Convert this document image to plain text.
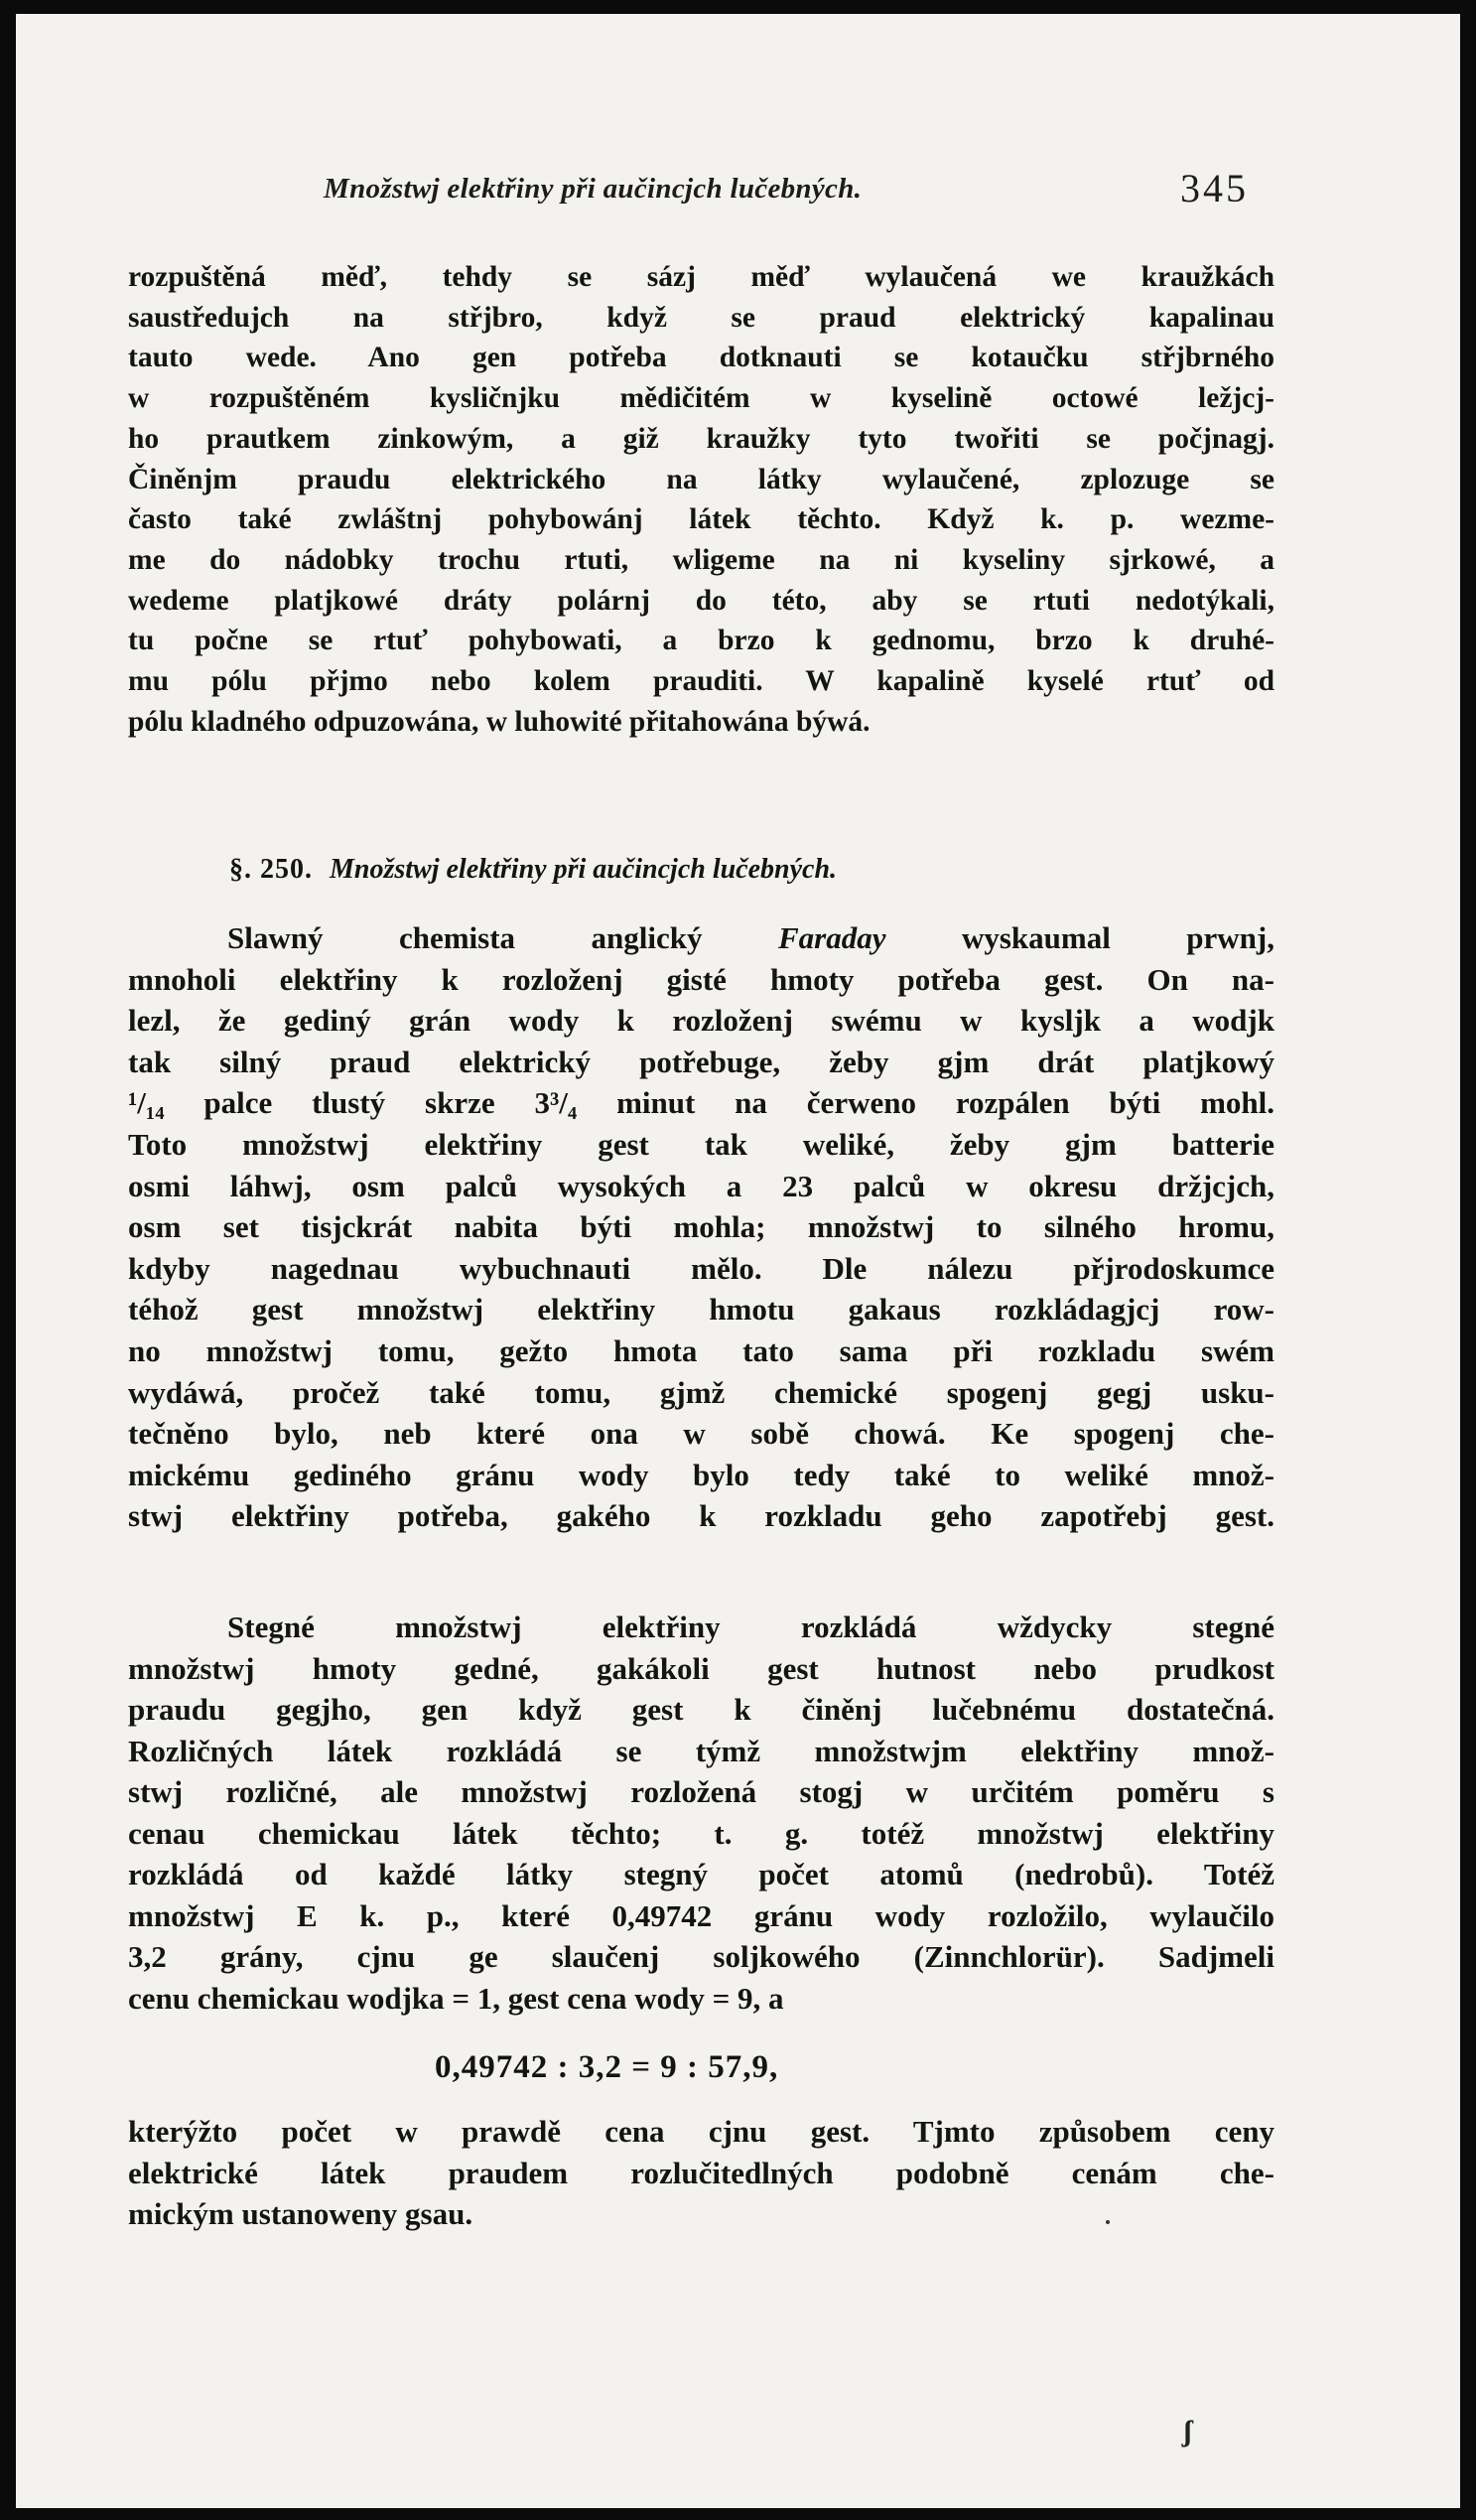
Množstwj elektřiny při aučincjch lučebných.	345
rozpuštěná měď, tehdy se sázj měď wylaučená we kraužkách
saustředujch na střjbro, když se praud elektrický kapalinau
tauto wede. Ano gen potřeba dotknauti se kotaučku střjbrného
w rozpuštěném kysličnjku mědičitém w kyselině octowé ležjcj-
ho prautkem zinkowým, a giž kraužky tyto twořiti se počjnagj.
Činěnjm praudu elektrického na látky wylaučené, zplozuge se
často také zwláštnj pohybowánj látek těchto. Když k. p. wezme-
me do nádobky trochu rtuti, wligeme na ni kyseliny sjrkowé, a
wedeme platjkowé dráty polárnj do této, aby se rtuti nedotýkali,
tu počne se rtuť pohybowati, a brzo k gednomu, brzo k druhé-
mu pólu přjmo nebo kolem prauditi. W kapalině kyselé rtuť od
pólu kladného odpuzowána, w luhowité přitahowána býwá.
§. 250. Množstwj elektřiny při aučincjch lučebných.
Slawný chemista anglický Faraday wyskaumal prwnj,
mnoholi elektřiny k rozloženj gisté hmoty potřeba gest. On na-
lezl, že gediný grán wody k rozloženj swému w kysljk a wodjk
tak silný praud elektrický potřebuge, žeby gjm drát platjkowý
¹/₁₄ palce tlustý skrze 3³/₄ minut na čerweno rozpálen býti mohl.
Toto množstwj elektřiny gest tak weliké, žeby gjm batterie
osmi láhwj, osm palců wysokých a 23 palců w okresu držjcjch,
osm set tisjckrát nabita býti mohla; množstwj to silného hromu,
kdyby nagednau wybuchnauti mělo. Dle nálezu přjrodoskumce
téhož gest množstwj elektřiny hmotu gakaus rozkládagjcj row-
no množstwj tomu, gežto hmota tato sama při rozkladu swém
wydáwá, pročež také tomu, gjmž chemické spogenj gegj usku-
tečněno bylo, neb které ona w sobě chowá. Ke spogenj che-
mickému gediného gránu wody bylo tedy také to weliké množ-
stwj elektřiny potřeba, gakého k rozkladu geho zapotřebj gest.
Stegné množstwj elektřiny rozkládá wždycky stegné
množstwj hmoty gedné, gakákoli gest hutnost nebo prudkost
praudu gegjho, gen když gest k činěnj lučebnému dostatečná.
Rozličných látek rozkládá se týmž množstwjm elektřiny množ-
stwj rozličné, ale množstwj rozložená stogj w určitém poměru s
cenau chemickau látek těchto; t. g. totéž množstwj elektřiny
rozkládá od každé látky stegný počet atomů (nedrobů). Totéž
množstwj E k. p., které 0,49742 gránu wody rozložilo, wylaučilo
3,2 grány, cjnu ge slaučenj soljkowého (Zinnchlorür). Sadjmeli
cenu chemickau wodjka = 1, gest cena wody = 9, a
0,49742 : 3,2 = 9 : 57,9,
kterýžto počet w prawdě cena cjnu gest. Tjmto způsobem ceny
elektrické látek praudem rozlučitedlných podobně cenám che-
mickým ustanoweny gsau.
ʃ
